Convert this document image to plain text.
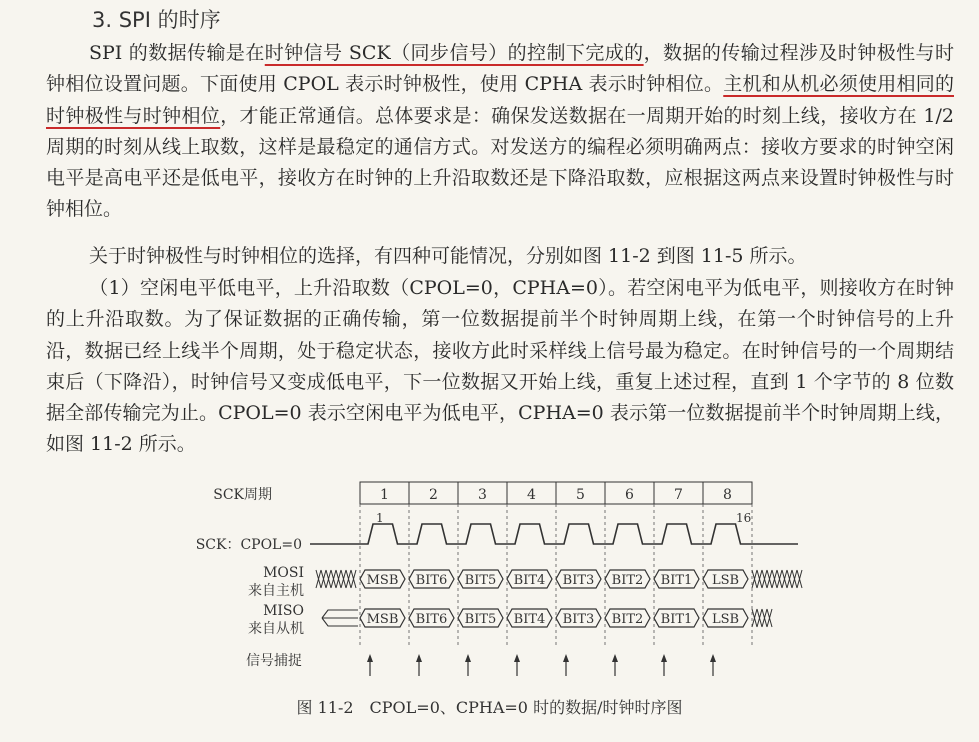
3. SPI 的时序
SPI 的数据传输是在时钟信号 SCK（同步信号）的控制下完成的，数据的传输过程涉及时钟极性与时钟相位设置问题。下面使用 CPOL 表示时钟极性，使用 CPHA 表示时钟相位。主机和从机必须使用相同的时钟极性与时钟相位，才能正常通信。总体要求是：确保发送数据在一周期开始的时刻上线，接收方在 1/2 周期的时刻从线上取数，这样是最稳定的通信方式。对发送方的编程必须明确两点：接收方要求的时钟空闲电平是高电平还是低电平，接收方在时钟的上升沿取数还是下降沿取数，应根据这两点来设置时钟极性与时钟相位。
关于时钟极性与时钟相位的选择，有四种可能情况，分别如图 11-2 到图 11-5 所示。
（1）空闲电平低电平，上升沿取数（CPOL=0，CPHA=0）。若空闲电平为低电平，则接收方在时钟的上升沿取数。为了保证数据的正确传输，第一位数据提前半个时钟周期上线，在第一个时钟信号的上升沿，数据已经上线半个周期，处于稳定状态，接收方此时采样线上信号最为稳定。在时钟信号的一个周期结束后（下降沿），时钟信号又变成低电平，下一位数据又开始上线，重复上述过程，直到 1 个字节的 8 位数据全部传输完为止。CPOL=0 表示空闲电平为低电平，CPHA=0 表示第一位数据提前半个时钟周期上线，如图 11-2 所示。
1	2	3	4	5	6	7	8
SCK周期
SCK：CPOL=0
MOSI
来自主机
MISO
来自从机
信号捕捉
1	16
MSB BIT6 BIT5 BIT4 BIT3 BIT2 BIT1 LSB
MSB BIT6 BIT5 BIT4 BIT3 BIT2 BIT1 LSB
图 11-2　CPOL=0、CPHA=0 时的数据/时钟时序图
